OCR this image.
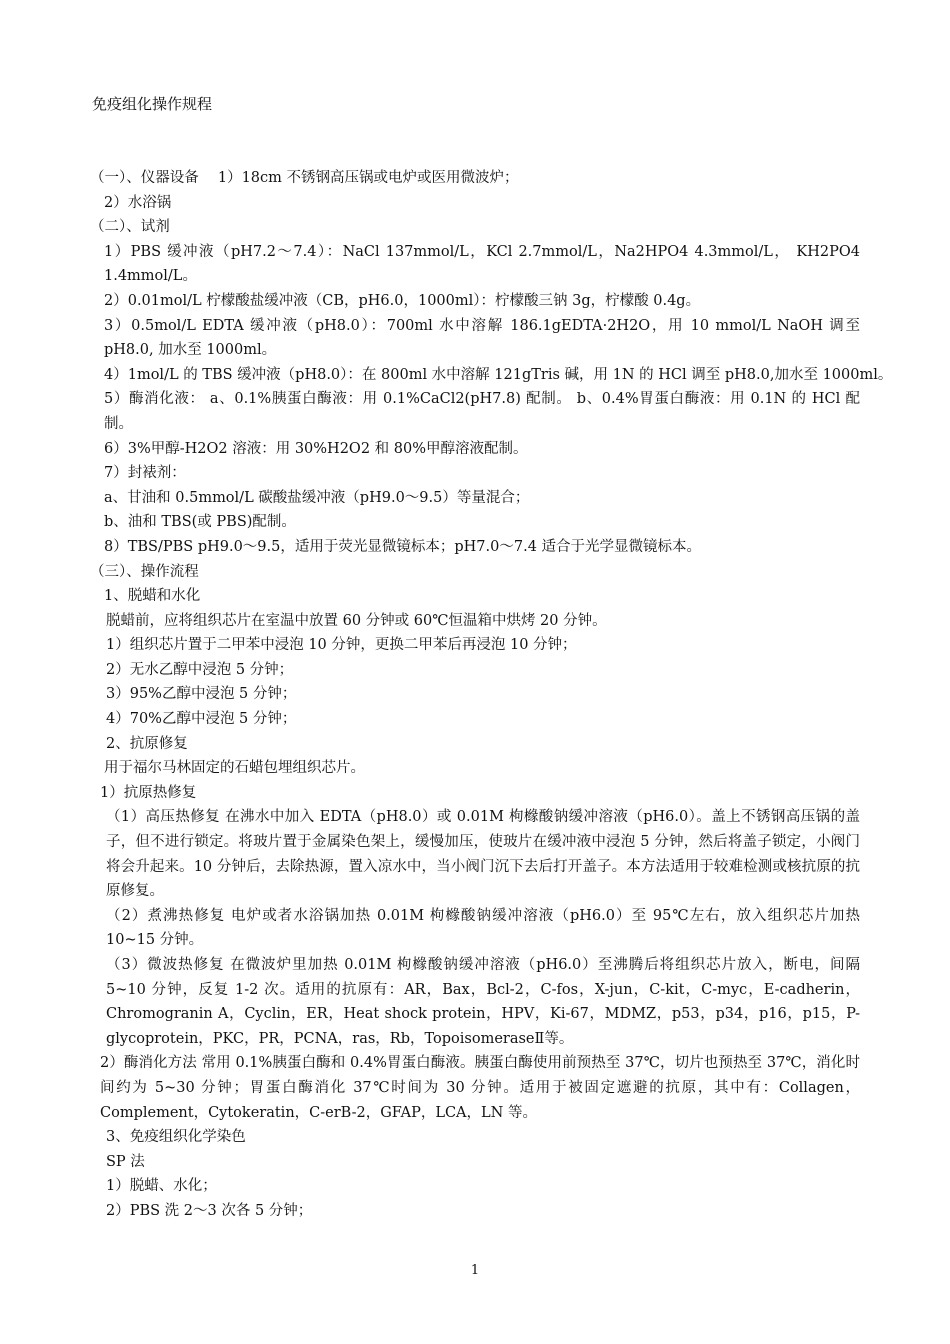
免疫组化操作规程

（一）、仪器设备　 1）18cm 不锈钢高压锅或电炉或医用微波炉；

2）水浴锅

（二）、试剂

1）PBS 缓冲液（pH7.2～7.4）：NaCl 137mmol/L，KCl 2.7mmol/L，Na2HPO4 4.3mmol/L， KH2PO4 1.4mmol/L。

2）0.01mol/L 柠檬酸盐缓冲液（CB，pH6.0，1000ml）：柠檬酸三钠 3g，柠檬酸 0.4g。

3）0.5mol/L EDTA 缓冲液（pH8.0）：700ml 水中溶解 186.1gEDTA·2H2O，用 10 mmol/L NaOH 调至 pH8.0, 加水至 1000ml。

4）1mol/L 的 TBS 缓冲液（pH8.0）：在 800ml 水中溶解 121gTris 碱，用 1N 的 HCl 调至 pH8.0,加水至 1000ml。

5）酶消化液： a、0.1%胰蛋白酶液：用 0.1%CaCl2(pH7.8) 配制。 b、0.4%胃蛋白酶液：用 0.1N 的 HCl 配制。

6）3%甲醇-H2O2 溶液：用 30%H2O2 和 80%甲醇溶液配制。

7）封裱剂：

a、甘油和 0.5mmol/L 碳酸盐缓冲液（pH9.0～9.5）等量混合；

b、油和 TBS(或 PBS)配制。

8）TBS/PBS pH9.0～9.5，适用于荧光显微镜标本；pH7.0～7.4 适合于光学显微镜标本。

（三）、操作流程

1、脱蜡和水化

脱蜡前，应将组织芯片在室温中放置 60 分钟或 60℃恒温箱中烘烤 20 分钟。

1）组织芯片置于二甲苯中浸泡 10 分钟，更换二甲苯后再浸泡 10 分钟；

2）无水乙醇中浸泡 5 分钟；

3）95%乙醇中浸泡 5 分钟；

4）70%乙醇中浸泡 5 分钟；

2、抗原修复

用于福尔马林固定的石蜡包埋组织芯片。

1）抗原热修复

（1）高压热修复 在沸水中加入 EDTA（pH8.0）或 0.01M 枸橼酸钠缓冲溶液（pH6.0）。盖上不锈钢高压锅的盖子，但不进行锁定。将玻片置于金属染色架上，缓慢加压，使玻片在缓冲液中浸泡 5 分钟，然后将盖子锁定，小阀门将会升起来。10 分钟后，去除热源，置入凉水中，当小阀门沉下去后打开盖子。本方法适用于较难检测或核抗原的抗原修复。

（2）煮沸热修复 电炉或者水浴锅加热 0.01M 枸橼酸钠缓冲溶液（pH6.0）至 95℃左右，放入组织芯片加热 10~15 分钟。

（3）微波热修复 在微波炉里加热 0.01M 枸橼酸钠缓冲溶液（pH6.0）至沸腾后将组织芯片放入，断电，间隔 5~10 分钟，反复 1-2 次。适用的抗原有：AR，Bax，Bcl-2，C-fos，X-jun，C-kit，C-myc，E-cadherin，Chromogranin A，Cyclin，ER，Heat shock protein，HPV，Ki-67，MDMZ，p53，p34，p16，p15，P-glycoprotein，PKC，PR，PCNA，ras，Rb，TopoisomeraseⅡ等。

2）酶消化方法 常用 0.1%胰蛋白酶和 0.4%胃蛋白酶液。胰蛋白酶使用前预热至 37℃，切片也预热至 37℃，消化时间约为 5~30 分钟；胃蛋白酶消化 37℃时间为 30 分钟。适用于被固定遮避的抗原，其中有：Collagen，Complement，Cytokeratin，C-erB-2，GFAP，LCA，LN 等。

3、免疫组织化学染色

SP 法

1）脱蜡、水化；

2）PBS 洗 2～3 次各 5 分钟；

1
